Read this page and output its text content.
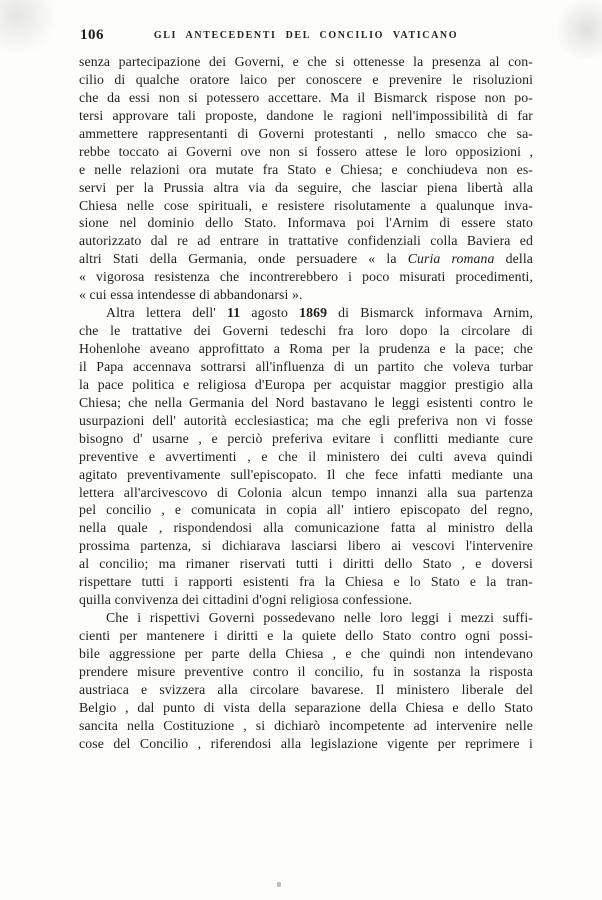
106	GLI ANTECEDENTI DEL CONCILIO VATICANO
senza partecipazione dei Governi, e che si ottenesse la presenza al con-
cilio di qualche oratore laico per conoscere e prevenire le risoluzioni
che da essi non si potessero accettare. Ma il Bismarck rispose non po-
tersi approvare tali proposte, dandone le ragioni nell'impossibilità di far
ammettere rappresentanti di Governi protestanti , nello smacco che sa-
rebbe toccato ai Governi ove non si fossero attese le loro opposizioni ,
e nelle relazioni ora mutate fra Stato e Chiesa; e conchiudeva non es-
servi per la Prussia altra via da seguire, che lasciar piena libertà alla
Chiesa nelle cose spirituali, e resistere risolutamente a qualunque inva-
sione nel dominio dello Stato. Informava poi l'Arnim di essere stato
autorizzato dal re ad entrare in trattative confidenziali colla Baviera ed
altri Stati della Germania, onde persuadere « la Curia romana della
« vigorosa resistenza che incontrerebbero i poco misurati procedimenti,
« cui essa intendesse di abbandonarsi ».
Altra lettera dell' 11 agosto 1869 di Bismarck informava Arnim,
che le trattative dei Governi tedeschi fra loro dopo la circolare di
Hohenlohe aveano approfittato a Roma per la prudenza e la pace; che
il Papa accennava sottrarsi all'influenza di un partito che voleva turbar
la pace politica e religiosa d'Europa per acquistar maggior prestigio alla
Chiesa; che nella Germania del Nord bastavano le leggi esistenti contro le
usurpazioni dell' autorità ecclesiastica; ma che egli preferiva non vi fosse
bisogno d' usarne , e perciò preferiva evitare i conflitti mediante cure
preventive e avvertimenti , e che il ministero dei culti aveva quindi
agitato preventivamente sull'episcopato. Il che fece infatti mediante una
lettera all'arcivescovo di Colonia alcun tempo innanzi alla sua partenza
pel concilio , e comunicata in copia all' intiero episcopato del regno,
nella quale , rispondendosi alla comunicazione fatta al ministro della
prossima partenza, si dichiarava lasciarsi libero ai vescovi l'intervenire
al concilio; ma rimaner riservati tutti i diritti dello Stato , e doversi
rispettare tutti i rapporti esistenti fra la Chiesa e lo Stato e la tran-
quilla convivenza dei cittadini d'ogni religiosa confessione.
Che i rispettivi Governi possedevano nelle loro leggi i mezzi suffi-
cienti per mantenere i diritti e la quiete dello Stato contro ogni possi-
bile aggressione per parte della Chiesa , e che quindi non intendevano
prendere misure preventive contro il concilio, fu in sostanza la risposta
austriaca e svizzera alla circolare bavarese. Il ministero liberale del
Belgio , dal punto di vista della separazione della Chiesa e dello Stato
sancita nella Costituzione , si dichiarò incompetente ad intervenire nelle
cose del Concilio , riferendosi alla legislazione vigente per reprimere i
